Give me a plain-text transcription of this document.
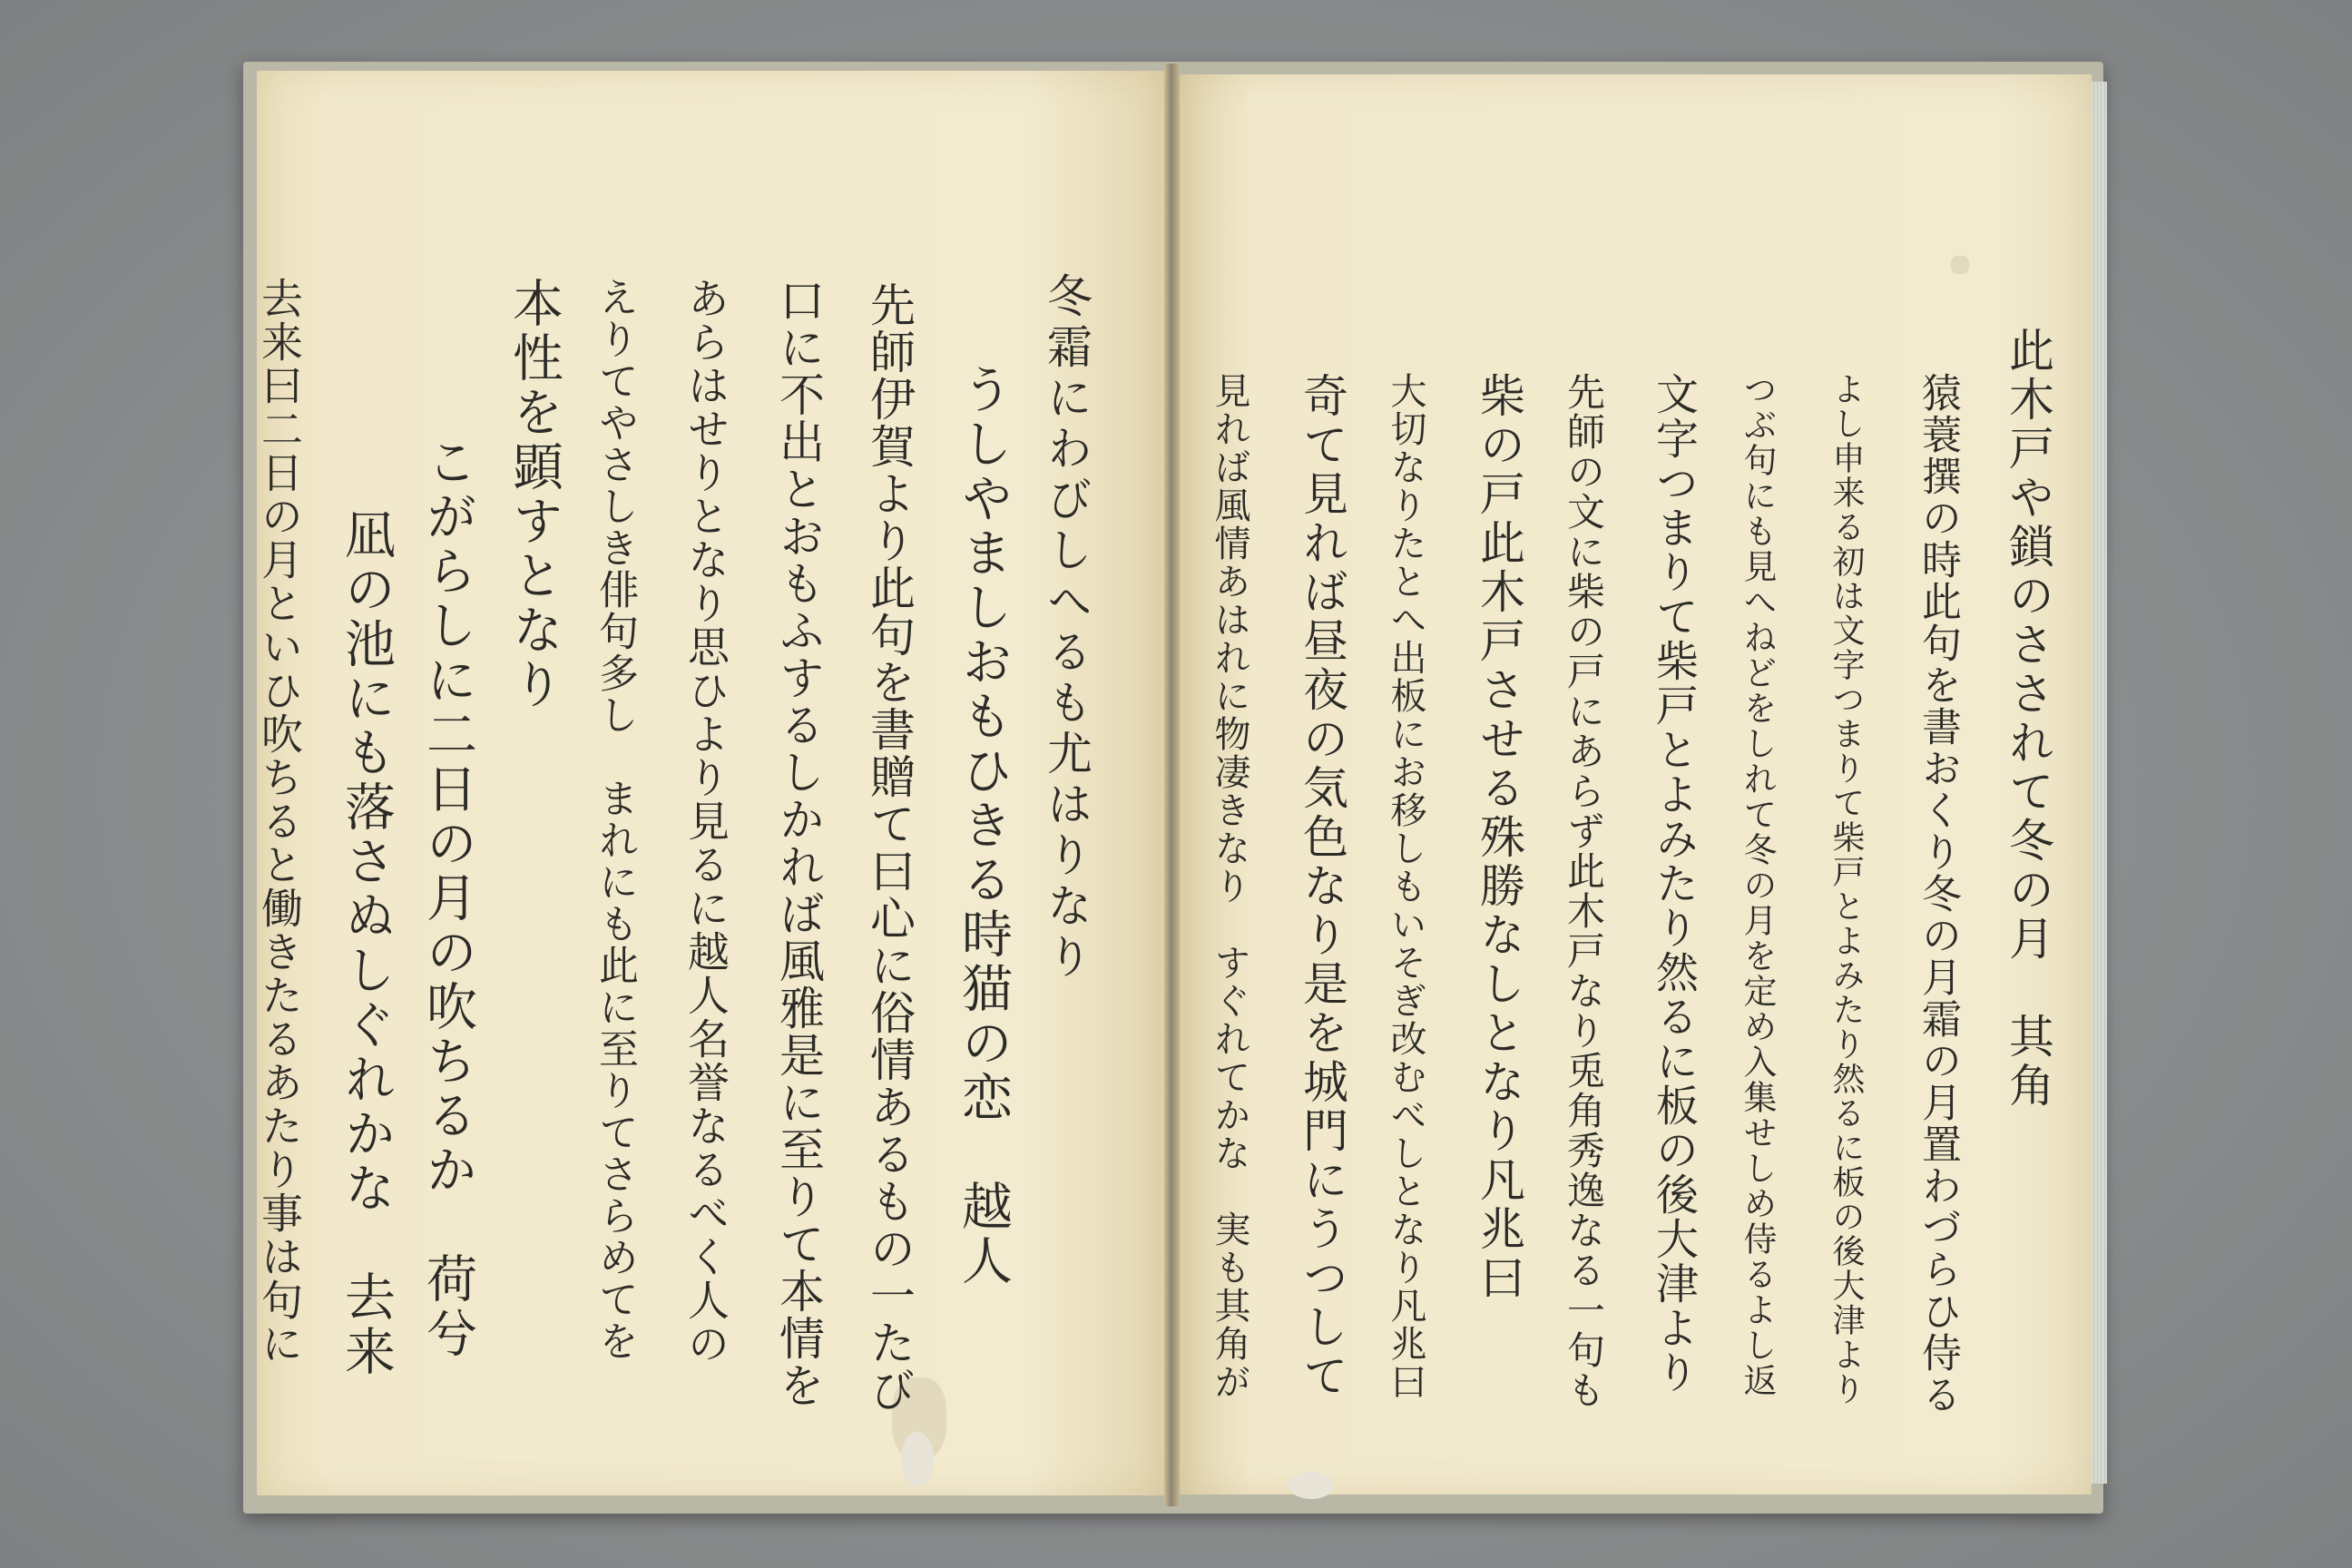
此木戸や鎖のさされて冬の月　其角
猿蓑撰の時此句を書おくり冬の月霜の月置わづらひ侍る
よし申来る初は文字つまりて柴戸とよみたり然るに板の後大津より
つぶ句にも見へねどをしれて冬の月を定め入集せしめ侍るよし返
文字つまりて柴戸とよみたり然るに板の後大津より
先師の文に柴の戸にあらず此木戸なり兎角秀逸なる一句も
柴の戸此木戸させる殊勝なしとなり凡兆曰
大切なりたとへ出板にお移しもいそぎ改むべしとなり凡兆曰
奇て見れば昼夜の気色なり是を城門にうつして
冬霜にわびしへるも尤はりなり
うしやましおもひきる時猫の恋　越人
先師伊賀より此句を書贈て曰心に俗情あるもの一たび
口に不出とおもふするしかれば風雅是に至りて本情を
あらはせりとなり思ひより見るに越人名誉なるべく人の
えりてやさしき俳句多し　まれにも此に至りてさらめてを
本性を顕すとなり
こがらしに二日の月の吹ちるか　荷兮
凪の池にも落さぬしぐれかな　去来
去来曰二日の月といひ吹ちると働きたるあたり事は句に	見れば風情あはれに物凄きなり　すぐれてかな　実も其角が
